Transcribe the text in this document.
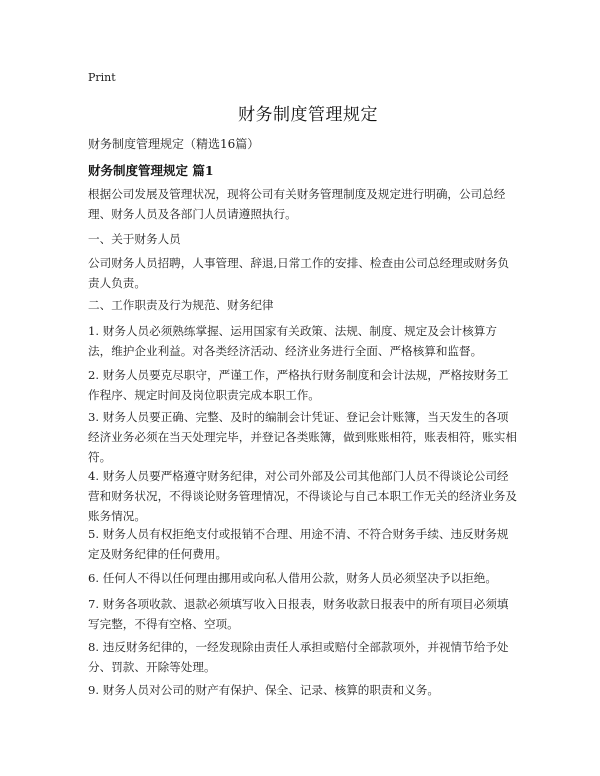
Print
财务制度管理规定
财务制度管理规定（精选16篇）
财务制度管理规定 篇1

根据公司发展及管理状况，现将公司有关财务管理制度及规定进行明确，公司总经理、财务人员及各部门人员请遵照执行。

一、关于财务人员

公司财务人员招聘，人事管理、辞退,日常工作的安排、检查由公司总经理或财务负责人负责。

二、工作职责及行为规范、财务纪律

1. 财务人员必须熟练掌握、运用国家有关政策、法规、制度、规定及会计核算方法，维护企业利益。对各类经济活动、经济业务进行全面、严格核算和监督。

2. 财务人员要克尽职守，严谨工作，严格执行财务制度和会计法规，严格按财务工作程序、规定时间及岗位职责完成本职工作。

3. 财务人员要正确、完整、及时的编制会计凭证、登记会计账簿，当天发生的各项经济业务必须在当天处理完毕，并登记各类账簿，做到账账相符，账表相符，账实相符。

4. 财务人员要严格遵守财务纪律，对公司外部及公司其他部门人员不得谈论公司经营和财务状况，不得谈论财务管理情况，不得谈论与自己本职工作无关的经济业务及账务情况。

5. 财务人员有权拒绝支付或报销不合理、用途不清、不符合财务手续、违反财务规定及财务纪律的任何费用。

6. 任何人不得以任何理由挪用或向私人借用公款，财务人员必须坚决予以拒绝。

7. 财务各项收款、退款必须填写收入日报表，财务收款日报表中的所有项目必须填写完整，不得有空格、空项。

8. 违反财务纪律的，一经发现除由责任人承担或赔付全部款项外，并视情节给予处分、罚款、开除等处理。

9. 财务人员对公司的财产有保护、保全、记录、核算的职责和义务。
